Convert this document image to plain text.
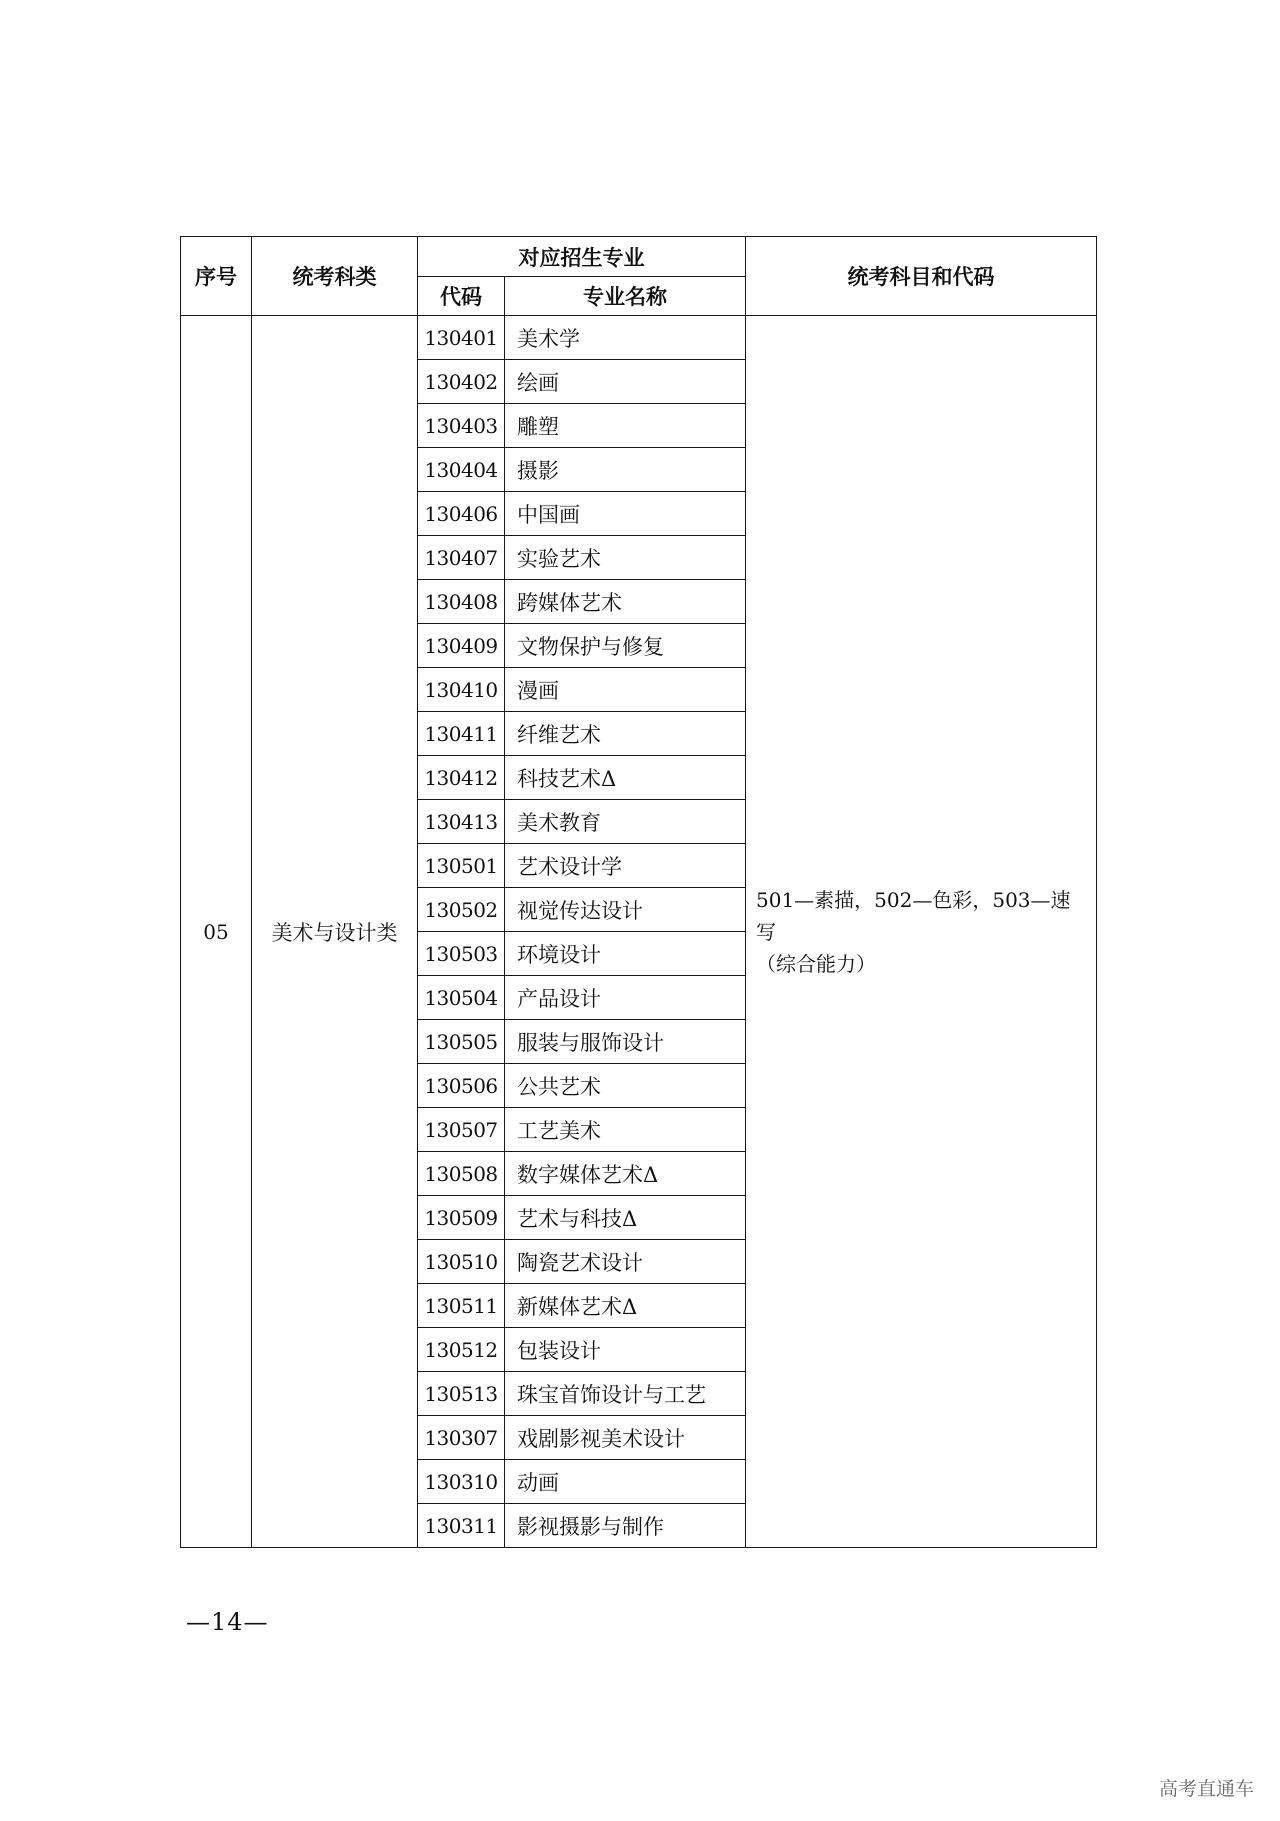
序号	统考科类	对应招生专业		统考科目和代码
		代码	专业名称	
05	美术与设计类	130401	美术学	501—素描，502—色彩，503—速写
（综合能力）

		130402	绘画	
		130403	雕塑	
		130404	摄影	
		130406	中国画	
		130407	实验艺术	
		130408	跨媒体艺术	
		130409	文物保护与修复	
		130410	漫画	
		130411	纤维艺术	
		130412	科技艺术Δ	
		130413	美术教育	
		130501	艺术设计学	
		130502	视觉传达设计	
		130503	环境设计	
		130504	产品设计	
		130505	服装与服饰设计	
		130506	公共艺术	
		130507	工艺美术	
		130508	数字媒体艺术Δ	
		130509	艺术与科技Δ	
		130510	陶瓷艺术设计	
		130511	新媒体艺术Δ	
		130512	包装设计	
		130513	珠宝首饰设计与工艺	
		130307	戏剧影视美术设计	
		130310	动画	
		130311	影视摄影与制作	
—14—
高考直通车
